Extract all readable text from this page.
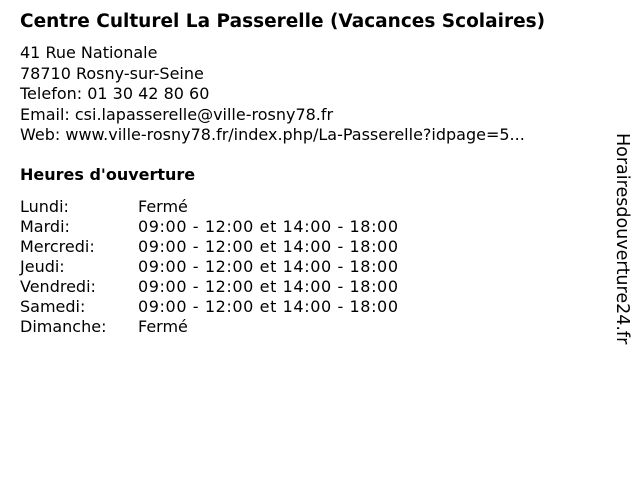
Centre Culturel La Passerelle (Vacances Scolaires)
41 Rue Nationale
78710 Rosny-sur-Seine
Telefon: 01 30 42 80 60
Email: csi.lapasserelle@ville-rosny78.fr
Web: www.ville-rosny78.fr/index.php/La-Passerelle?idpage=5...
Heures d'ouverture
Lundi:	Fermé
Mardi:	09:00 - 12:00 et 14:00 - 18:00
Mercredi:	09:00 - 12:00 et 14:00 - 18:00
Jeudi:	09:00 - 12:00 et 14:00 - 18:00
Vendredi:	09:00 - 12:00 et 14:00 - 18:00
Samedi:	09:00 - 12:00 et 14:00 - 18:00
Dimanche:	Fermé	Horairesdouverture24.fr
